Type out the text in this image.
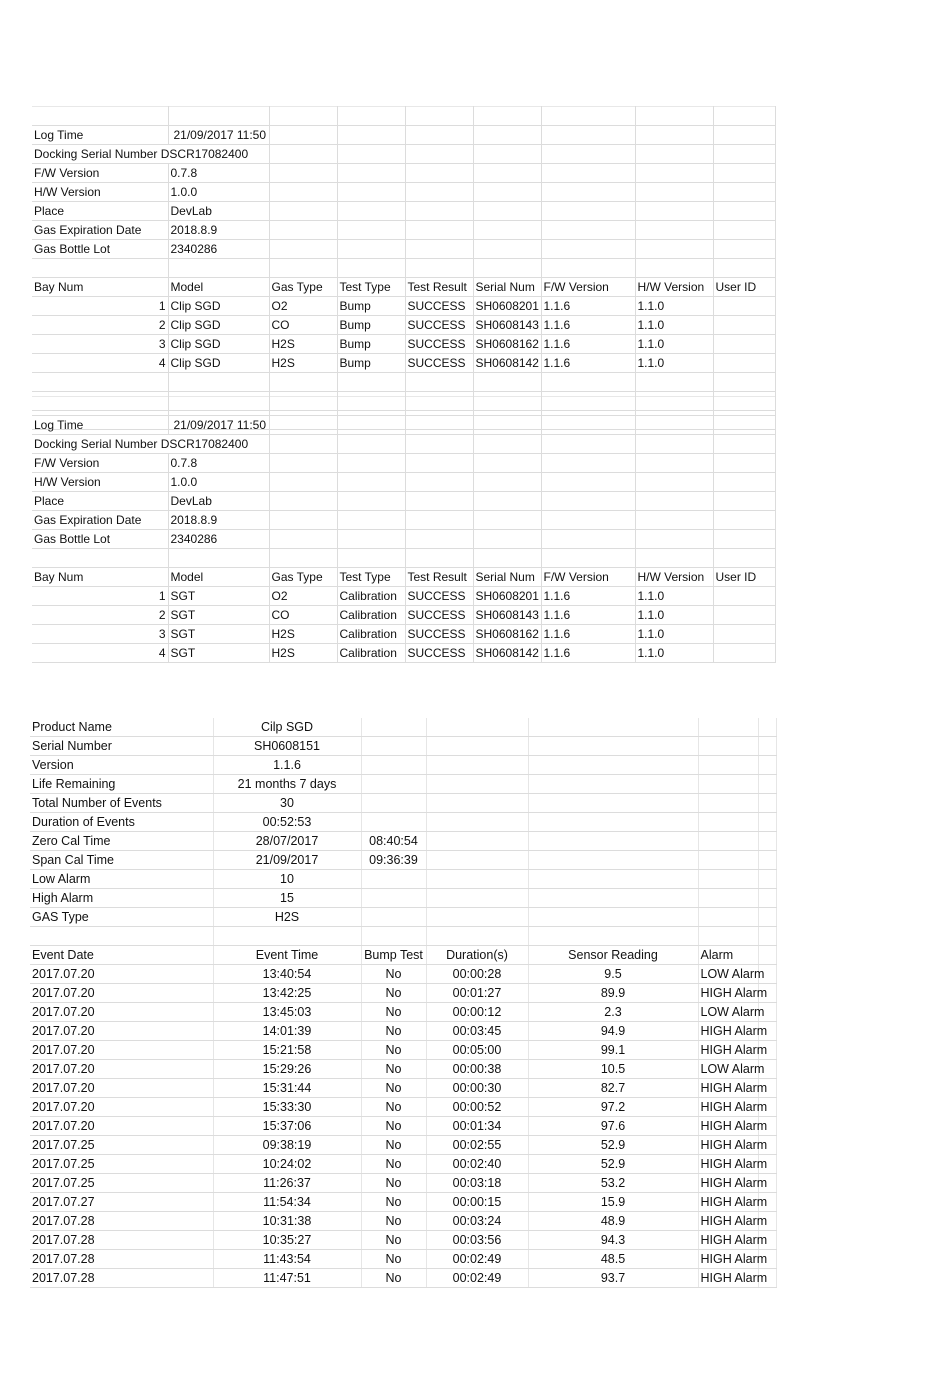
Log Time	21/09/2017 11:50							
Docking Serial Number DSCR17082400								
F/W Version	0.7.8							
H/W Version	1.0.0							
Place	DevLab							
Gas Expiration Date	2018.8.9							
Gas Bottle Lot	2340286							

Bay Num	Model	Gas Type	Test Type	Test Result	Serial Num	F/W Version	H/W Version	User ID
1	Clip SGD	O2	Bump	SUCCESS	SH0608201	1.1.6	1.1.0	
2	Clip SGD	CO	Bump	SUCCESS	SH0608143	1.1.6	1.1.0	
3	Clip SGD	H2S	Bump	SUCCESS	SH0608162	1.1.6	1.1.0	
4	Clip SGD	H2S	Bump	SUCCESS	SH0608142	1.1.6	1.1.0	

Log Time	21/09/2017 11:50							
Docking Serial Number DSCR17082400								
F/W Version	0.7.8							
H/W Version	1.0.0							
Place	DevLab							
Gas Expiration Date	2018.8.9							
Gas Bottle Lot	2340286							

Bay Num	Model	Gas Type	Test Type	Test Result	Serial Num	F/W Version	H/W Version	User ID
1	SGT	O2	Calibration	SUCCESS	SH0608201	1.1.6	1.1.0	
2	SGT	CO	Calibration	SUCCESS	SH0608143	1.1.6	1.1.0	
3	SGT	H2S	Calibration	SUCCESS	SH0608162	1.1.6	1.1.0	
4	SGT	H2S	Calibration	SUCCESS	SH0608142	1.1.6	1.1.0	
Product Name	Cilp SGD					
Serial Number	SH0608151					
Version	1.1.6					
Life Remaining	21 months 7 days					
Total Number of Events	30					
Duration of Events	00:52:53					
Zero Cal Time	28/07/2017	08:40:54				
Span Cal Time	21/09/2017	09:36:39				
Low Alarm	10					
High Alarm	15					
GAS Type	H2S					

Event Date	Event Time	Bump Test	Duration(s)	Sensor Reading	Alarm	
2017.07.20	13:40:54	No	00:00:28	9.5	LOW Alarm	
2017.07.20	13:42:25	No	00:01:27	89.9	HIGH Alarm	
2017.07.20	13:45:03	No	00:00:12	2.3	LOW Alarm	
2017.07.20	14:01:39	No	00:03:45	94.9	HIGH Alarm	
2017.07.20	15:21:58	No	00:05:00	99.1	HIGH Alarm	
2017.07.20	15:29:26	No	00:00:38	10.5	LOW Alarm	
2017.07.20	15:31:44	No	00:00:30	82.7	HIGH Alarm	
2017.07.20	15:33:30	No	00:00:52	97.2	HIGH Alarm	
2017.07.20	15:37:06	No	00:01:34	97.6	HIGH Alarm	
2017.07.25	09:38:19	No	00:02:55	52.9	HIGH Alarm	
2017.07.25	10:24:02	No	00:02:40	52.9	HIGH Alarm	
2017.07.25	11:26:37	No	00:03:18	53.2	HIGH Alarm	
2017.07.27	11:54:34	No	00:00:15	15.9	HIGH Alarm	
2017.07.28	10:31:38	No	00:03:24	48.9	HIGH Alarm	
2017.07.28	10:35:27	No	00:03:56	94.3	HIGH Alarm	
2017.07.28	11:43:54	No	00:02:49	48.5	HIGH Alarm	
2017.07.28	11:47:51	No	00:02:49	93.7	HIGH Alarm	
